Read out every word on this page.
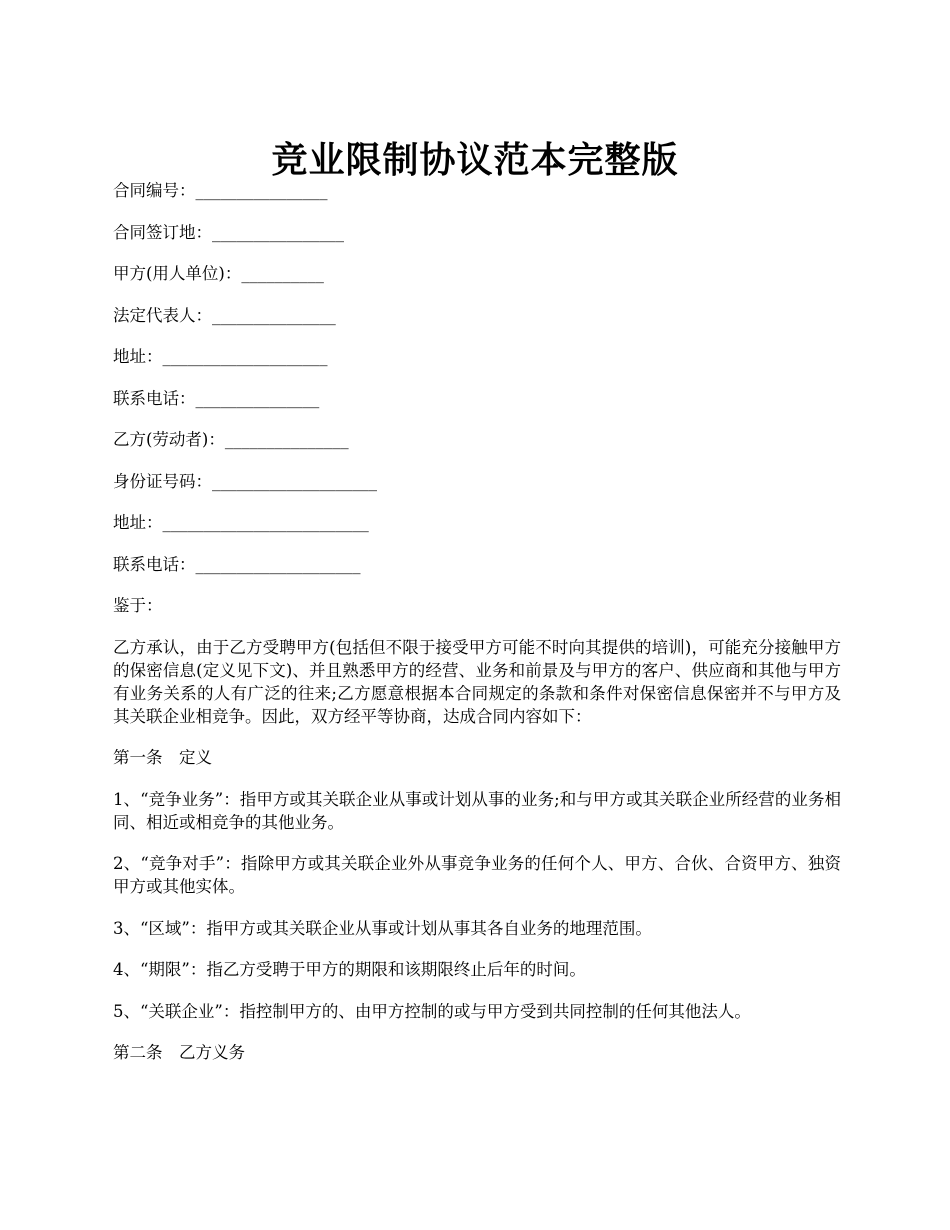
竞业限制协议范本完整版
合同编号：________________
合同签订地：________________
甲方(用人单位)：__________
法定代表人：_______________
地址：____________________
联系电话：_______________
乙方(劳动者)：_______________
身份证号码：____________________
地址：_________________________
联系电话：____________________
鉴于：
乙方承认，由于乙方受聘甲方(包括但不限于接受甲方可能不时向其提供的培训)，可能充分接触甲方的保密信息(定义见下文)、并且熟悉甲方的经营、业务和前景及与甲方的客户、供应商和其他与甲方有业务关系的人有广泛的往来;乙方愿意根据本合同规定的条款和条件对保密信息保密并不与甲方及其关联企业相竞争。因此，双方经平等协商，达成合同内容如下：
第一条　定义
1、“竞争业务”：指甲方或其关联企业从事或计划从事的业务;和与甲方或其关联企业所经营的业务相同、相近或相竞争的其他业务。
2、“竞争对手”：指除甲方或其关联企业外从事竞争业务的任何个人、甲方、合伙、合资甲方、独资甲方或其他实体。
3、“区域”：指甲方或其关联企业从事或计划从事其各自业务的地理范围。
4、“期限”：指乙方受聘于甲方的期限和该期限终止后年的时间。
5、“关联企业”：指控制甲方的、由甲方控制的或与甲方受到共同控制的任何其他法人。
第二条　乙方义务
